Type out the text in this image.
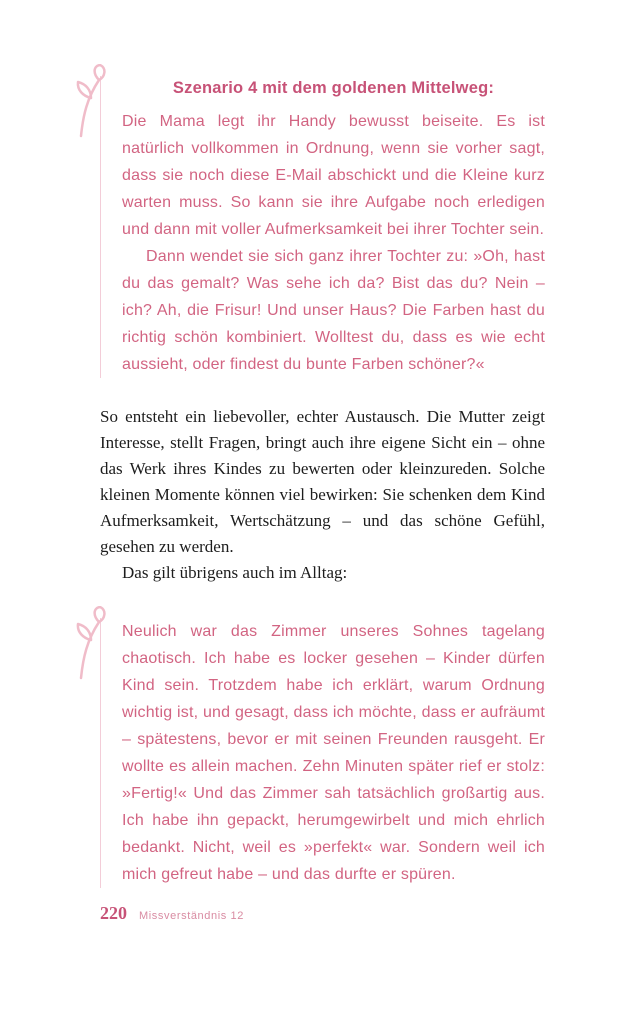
Szenario 4 mit dem goldenen Mittelweg:

Die Mama legt ihr Handy bewusst beiseite. Es ist natürlich vollkommen in Ordnung, wenn sie vorher sagt, dass sie noch diese E-Mail abschickt und die Kleine kurz warten muss. So kann sie ihre Aufgabe noch erledigen und dann mit voller Aufmerksamkeit bei ihrer Tochter sein.

Dann wendet sie sich ganz ihrer Tochter zu: »Oh, hast du das gemalt? Was sehe ich da? Bist das du? Nein – ich? Ah, die Frisur! Und unser Haus? Die Farben hast du richtig schön kombiniert. Wolltest du, dass es wie echt aussieht, oder findest du bunte Farben schöner?«

So entsteht ein liebevoller, echter Austausch. Die Mutter zeigt Interesse, stellt Fragen, bringt auch ihre eigene Sicht ein – ohne das Werk ihres Kindes zu bewerten oder kleinzureden. Solche kleinen Momente können viel bewirken: Sie schenken dem Kind Aufmerksamkeit, Wertschätzung – und das schöne Gefühl, gesehen zu werden.

Das gilt übrigens auch im Alltag:

Neulich war das Zimmer unseres Sohnes tagelang chaotisch. Ich habe es locker gesehen – Kinder dürfen Kind sein. Trotzdem habe ich erklärt, warum Ordnung wichtig ist, und gesagt, dass ich möchte, dass er aufräumt – spätestens, bevor er mit seinen Freunden rausgeht. Er wollte es allein machen. Zehn Minuten später rief er stolz: »Fertig!« Und das Zimmer sah tatsächlich großartig aus. Ich habe ihn gepackt, herumgewirbelt und mich ehrlich bedankt. Nicht, weil es »perfekt« war. Sondern weil ich mich gefreut habe – und das durfte er spüren.

220 Missverständnis 12
